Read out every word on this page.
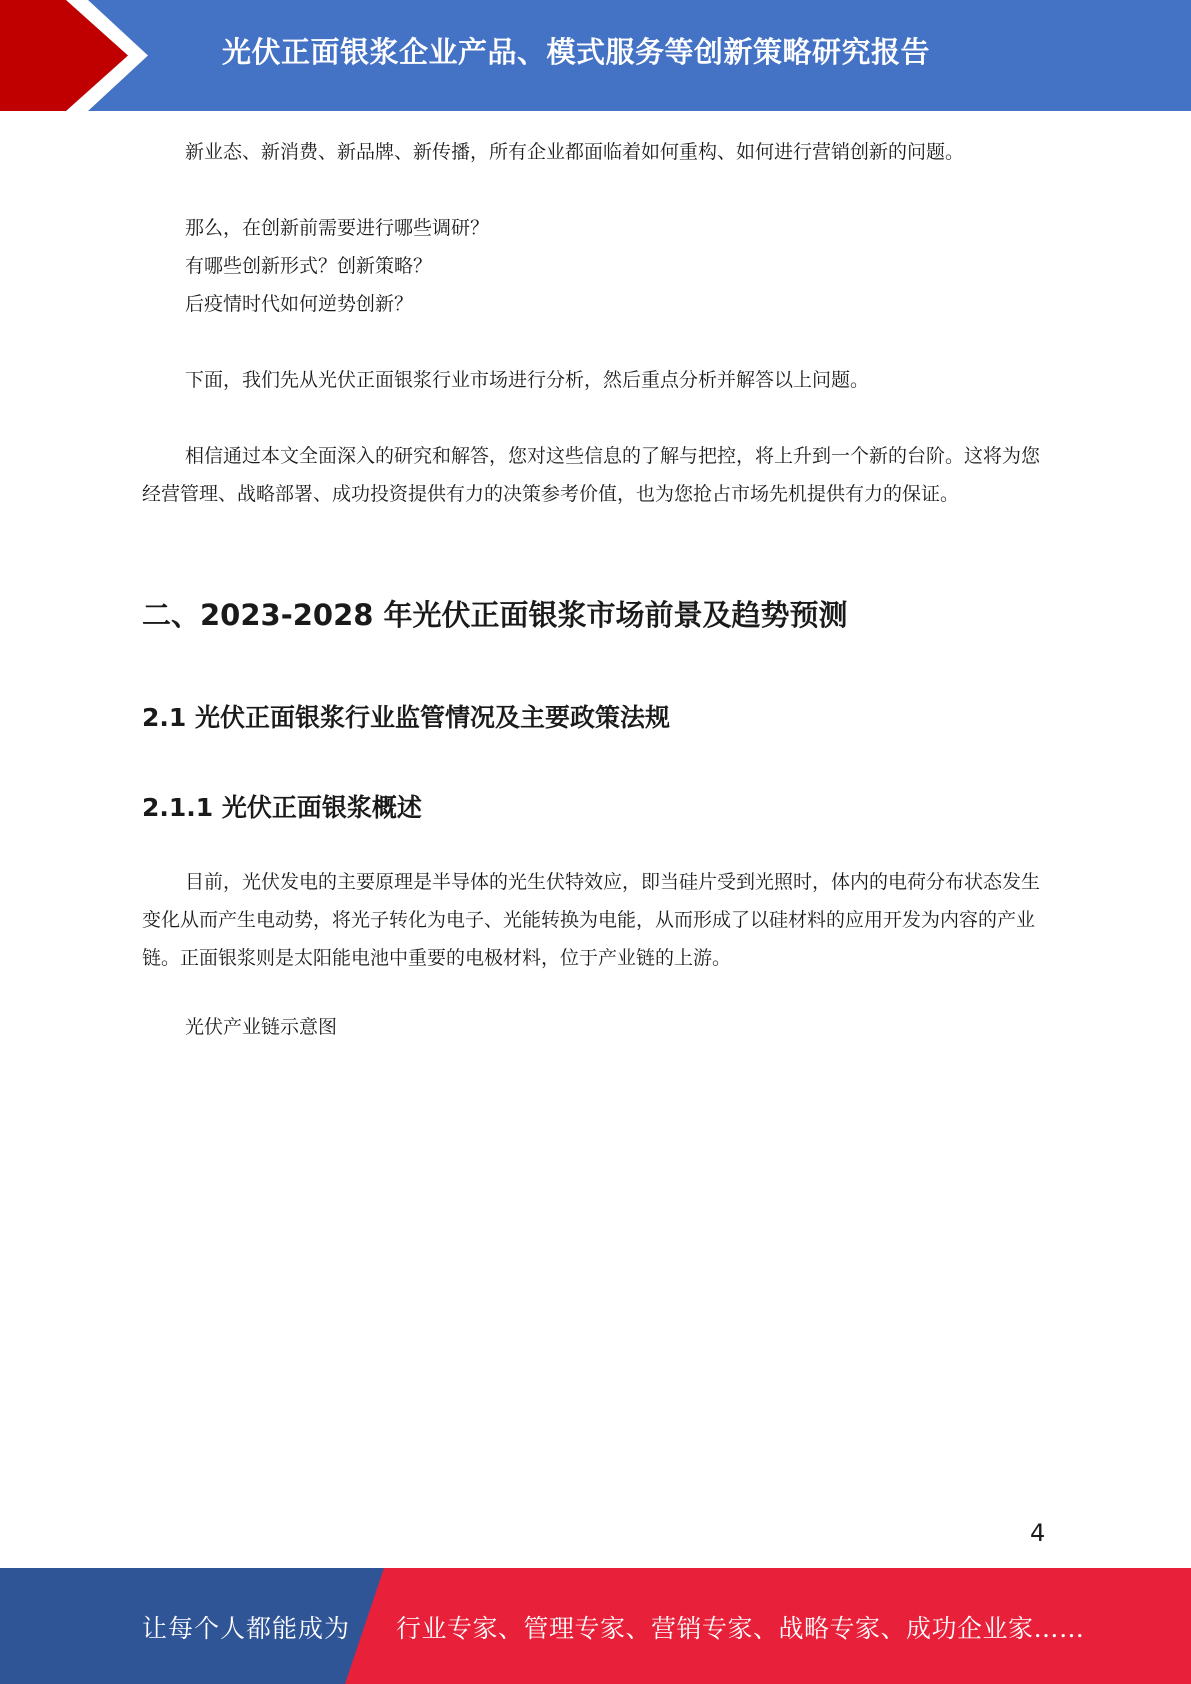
光伏正面银浆企业产品、模式服务等创新策略研究报告

新业态、新消费、新品牌、新传播，所有企业都面临着如何重构、如何进行营销创新的问题。

那么，在创新前需要进行哪些调研？

有哪些创新形式？创新策略？

后疫情时代如何逆势创新？

下面，我们先从光伏正面银浆行业市场进行分析，然后重点分析并解答以上问题。

相信通过本文全面深入的研究和解答，您对这些信息的了解与把控，将上升到一个新的台阶。这将为您经营管理、战略部署、成功投资提供有力的决策参考价值，也为您抢占市场先机提供有力的保证。

二、2023-2028 年光伏正面银浆市场前景及趋势预测
2.1 光伏正面银浆行业监管情况及主要政策法规
2.1.1 光伏正面银浆概述

目前，光伏发电的主要原理是半导体的光生伏特效应，即当硅片受到光照时，体内的电荷分布状态发生变化从而产生电动势，将光子转化为电子、光能转换为电能，从而形成了以硅材料的应用开发为内容的产业链。正面银浆则是太阳能电池中重要的电极材料，位于产业链的上游。

光伏产业链示意图

4
让每个人都能成为 行业专家、管理专家、营销专家、战略专家、成功企业家……
